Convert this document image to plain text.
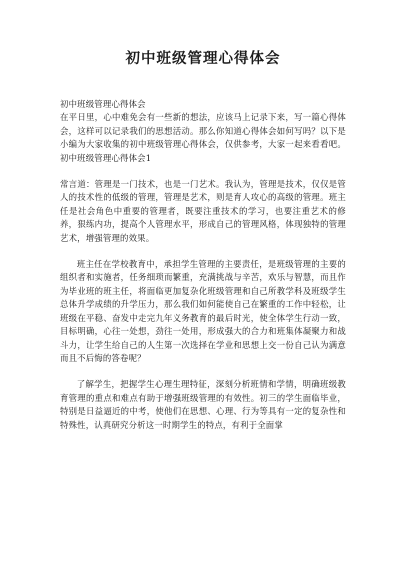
初中班级管理心得体会

初中班级管理心得体会

在平日里，心中难免会有一些新的想法，应该马上记录下来，写一篇心得体会，这样可以记录我们的思想活动。那么你知道心得体会如何写吗？以下是小编为大家收集的初中班级管理心得体会，仅供参考，大家一起来看看吧。初中班级管理心得体会1

常言道：管理是一门技术，也是一门艺术。我认为，管理是技术，仅仅是管人的技术性的低级的管理，管理是艺术，则是育人攻心的高级的管理。班主任是社会角色中重要的管理者，既要注重技术的学习，也要注重艺术的修养，狠练内功，提高个人管理水平，形成自己的管理风格，体现独特的管理艺术，增强管理的效果。

班主任在学校教育中，承担学生管理的主要责任，是班级管理的主要的组织者和实施者，任务细琐而繁重，充满挑战与辛苦，欢乐与智慧，而且作为毕业班的班主任，将面临更加复杂化班级管理和自己所教学科及班级学生总体升学成绩的升学压力，那么我们如何能使自己在繁重的工作中轻松，让班级在平稳、奋发中走完九年义务教育的最后时光，使全体学生行动一致，目标明确，心往一处想，劲往一处用，形成强大的合力和班集体凝聚力和战斗力，让学生给自己的人生第一次选择在学业和思想上交一份自己认为满意而且不后悔的答卷呢？

了解学生，把握学生心理生理特征，深刻分析班情和学情，明确班级教育管理的重点和难点有助于增强班级管理的有效性。初三的学生面临毕业，特别是日益逼近的中考，使他们在思想、心理、行为等具有一定的复杂性和特殊性，认真研究分析这一时期学生的特点，有利于全面掌
